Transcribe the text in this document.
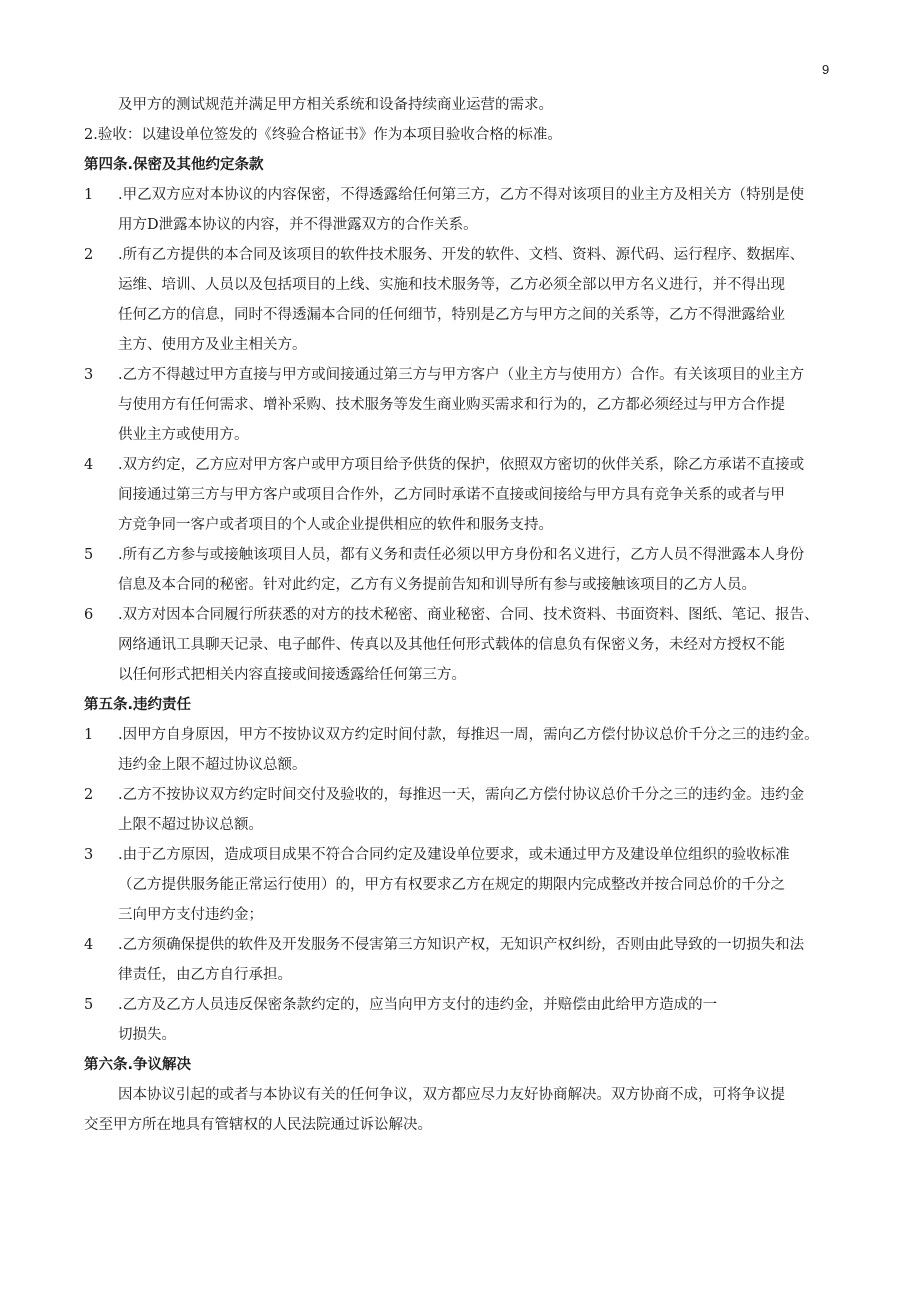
9
及甲方的测试规范并满足甲方相关系统和设备持续商业运营的需求。
2.验收：以建设单位签发的《终验合格证书》作为本项目验收合格的标准。
第四条.保密及其他约定条款
1 .甲乙双方应对本协议的内容保密，不得透露给任何第三方，乙方不得对该项目的业主方及相关方（特别是使
用方D泄露本协议的内容，并不得泄露双方的合作关系。
2 .所有乙方提供的本合同及该项目的软件技术服务、开发的软件、文档、资料、源代码、运行程序、数据库、
运维、培训、人员以及包括项目的上线、实施和技术服务等，乙方必须全部以甲方名义进行，并不得出现
任何乙方的信息，同时不得透漏本合同的任何细节，特别是乙方与甲方之间的关系等，乙方不得泄露给业
主方、使用方及业主相关方。
3 .乙方不得越过甲方直接与甲方或间接通过第三方与甲方客户（业主方与使用方）合作。有关该项目的业主方
与使用方有任何需求、增补采购、技术服务等发生商业购买需求和行为的，乙方都必须经过与甲方合作提
供业主方或使用方。
4 .双方约定，乙方应对甲方客户或甲方项目给予供货的保护，依照双方密切的伙伴关系，除乙方承诺不直接或
间接通过第三方与甲方客户或项目合作外，乙方同时承诺不直接或间接给与甲方具有竞争关系的或者与甲
方竞争同一客户或者项目的个人或企业提供相应的软件和服务支持。
5 .所有乙方参与或接触该项目人员，都有义务和责任必须以甲方身份和名义进行，乙方人员不得泄露本人身份
信息及本合同的秘密。针对此约定，乙方有义务提前告知和训导所有参与或接触该项目的乙方人员。
6 .双方对因本合同履行所获悉的对方的技术秘密、商业秘密、合同、技术资料、书面资料、图纸、笔记、报告、
网络通讯工具聊天记录、电子邮件、传真以及其他任何形式载体的信息负有保密义务，未经对方授权不能
以任何形式把相关内容直接或间接透露给任何第三方。
第五条.违约责任
1 .因甲方自身原因，甲方不按协议双方约定时间付款，每推迟一周，需向乙方偿付协议总价千分之三的违约金。
违约金上限不超过协议总额。
2 .乙方不按协议双方约定时间交付及验收的，每推迟一天，需向乙方偿付协议总价千分之三的违约金。违约金
上限不超过协议总额。
3 .由于乙方原因，造成项目成果不符合合同约定及建设单位要求，或未通过甲方及建设单位组织的验收标准
（乙方提供服务能正常运行使用）的，甲方有权要求乙方在规定的期限内完成整改并按合同总价的千分之
三向甲方支付违约金；
4 .乙方须确保提供的软件及开发服务不侵害第三方知识产权，无知识产权纠纷，否则由此导致的一切损失和法
律责任，由乙方自行承担。
5 .乙方及乙方人员违反保密条款约定的，应当向甲方支付的违约金，并赔偿由此给甲方造成的一
切损失。
第六条.争议解决
因本协议引起的或者与本协议有关的任何争议，双方都应尽力友好协商解决。双方协商不成，可将争议提
交至甲方所在地具有管辖权的人民法院通过诉讼解决。
